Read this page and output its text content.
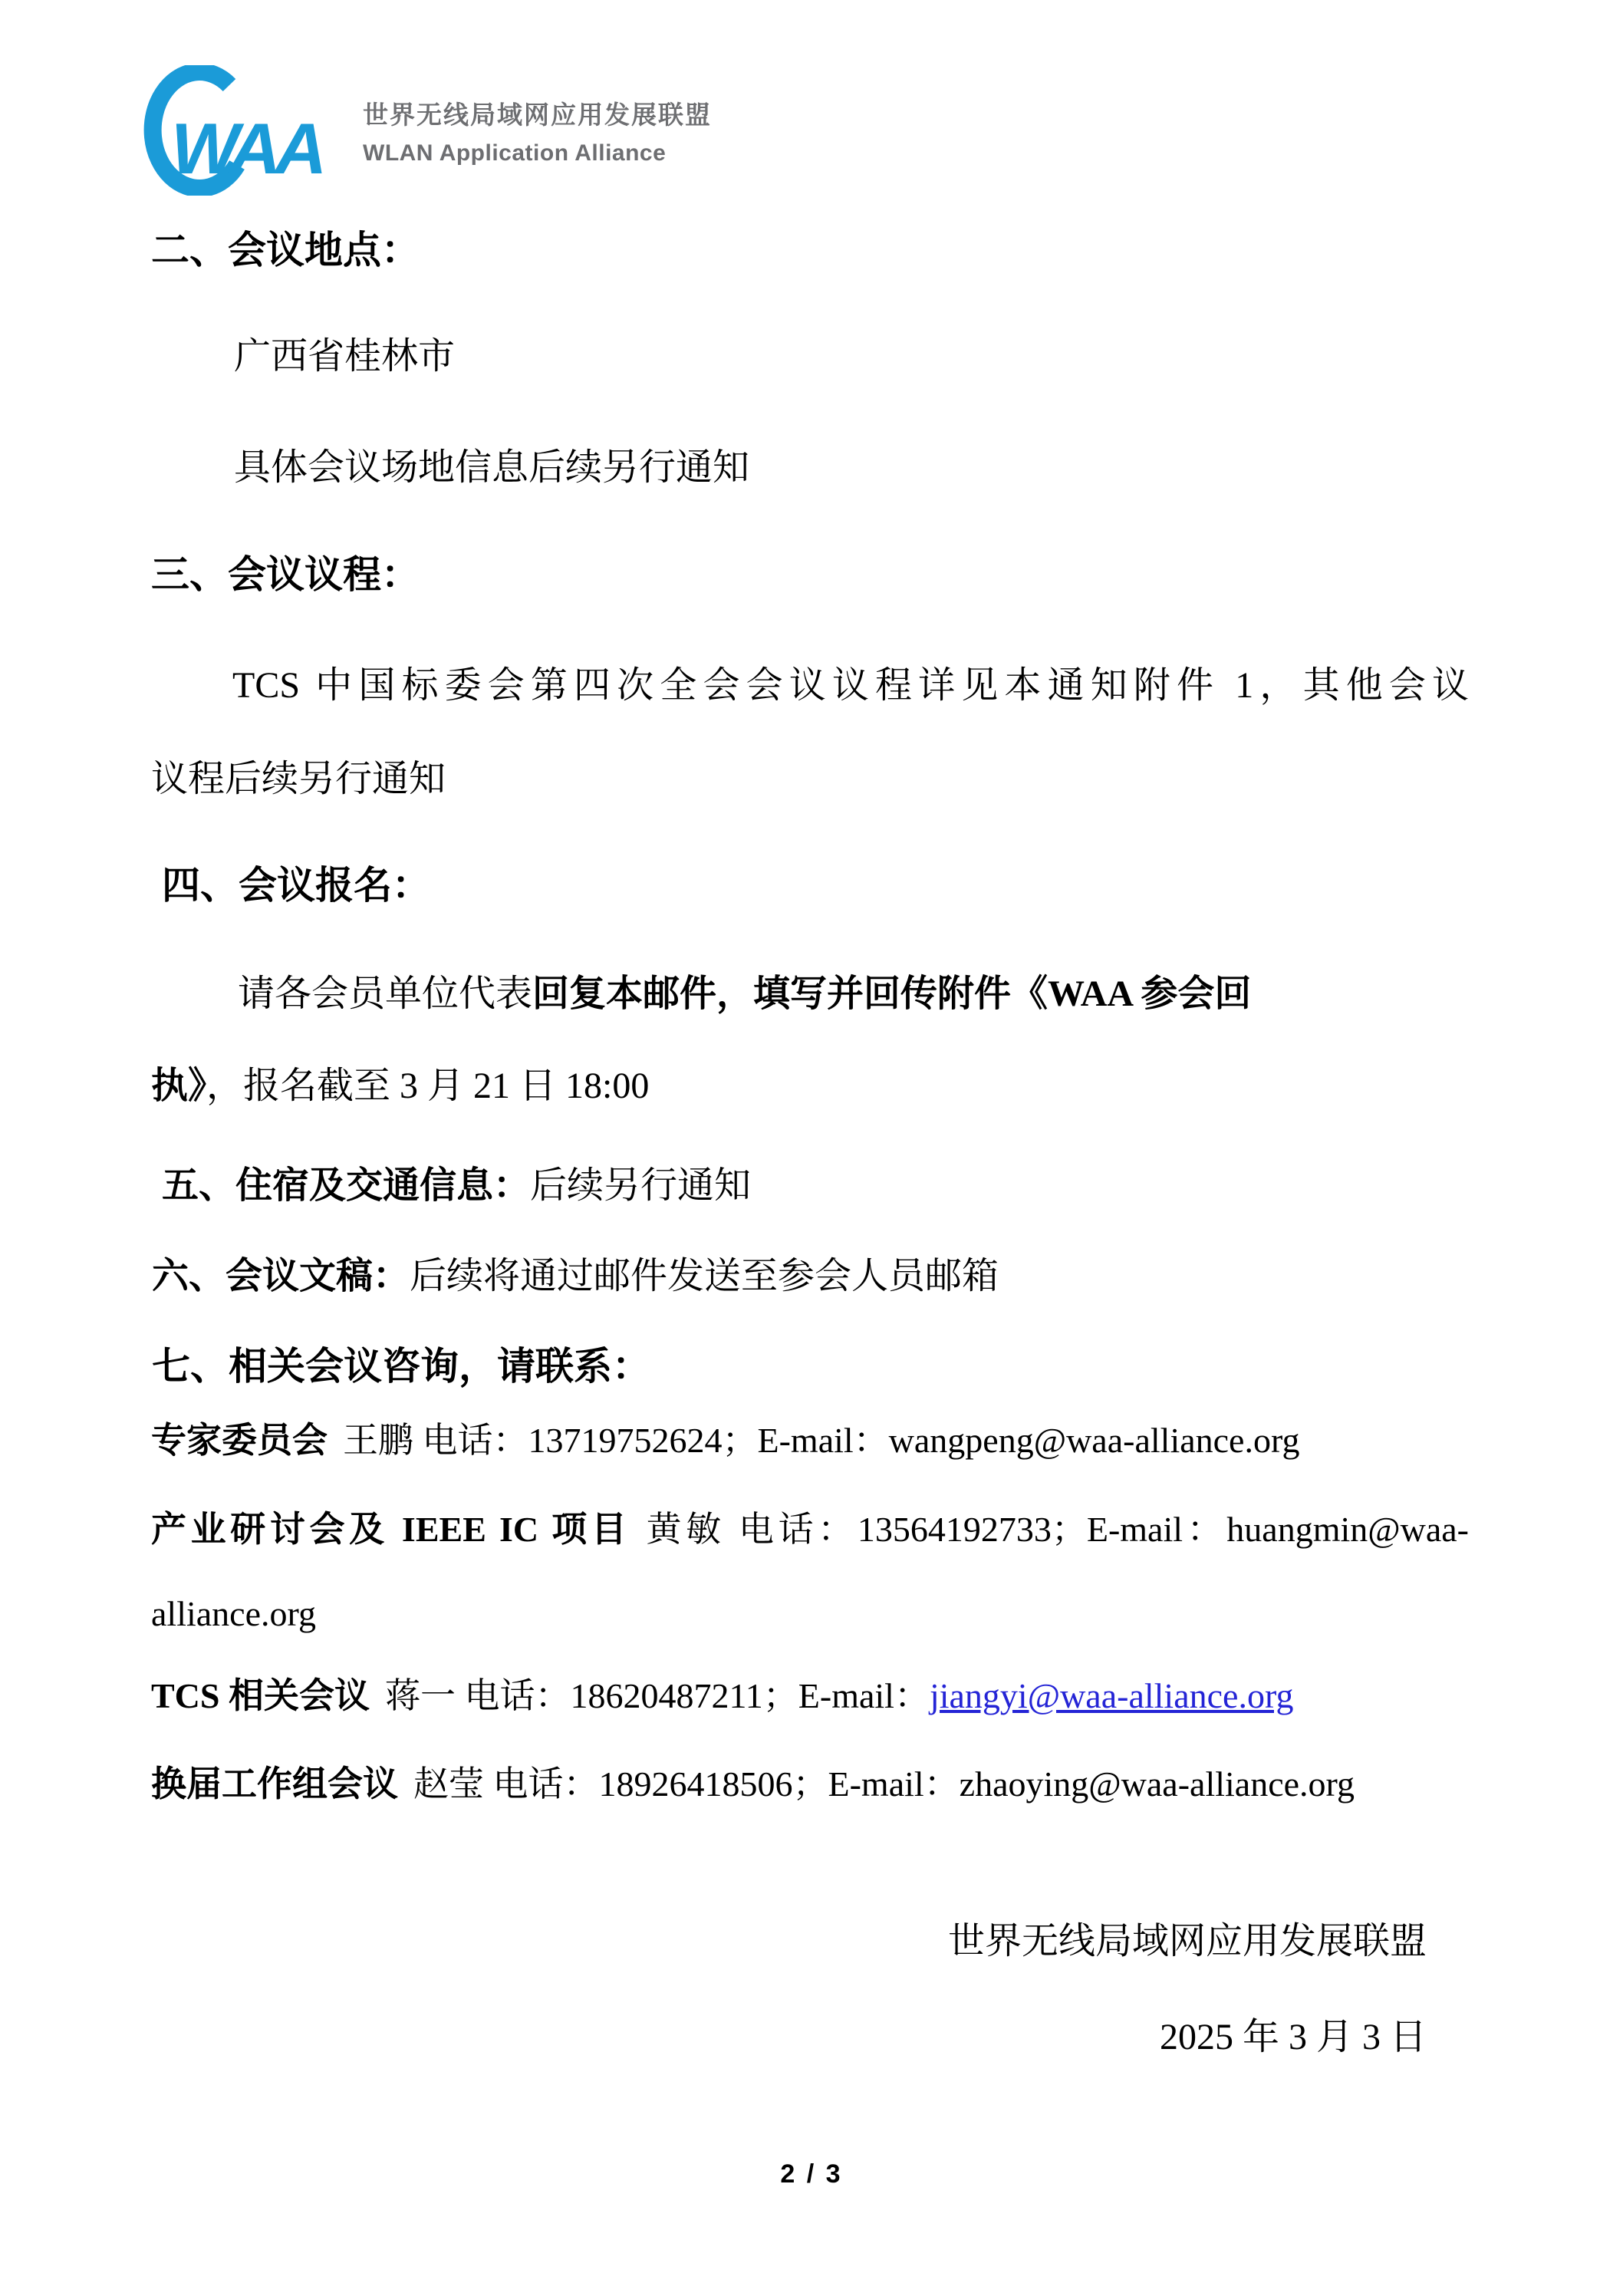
WAA 世界无线局域网应用发展联盟
WLAN Application Alliance
二、会议地点：
广西省桂林市
具体会议场地信息后续另行通知
三、会议议程：
TCS 中国标委会第四次全会会议议程详见本通知附件 1，其他会议
议程后续另行通知
四、会议报名：
请各会员单位代表回复本邮件，填写并回传附件《WAA 参会回
执》，报名截至 3 月 21 日 18:00
五、住宿及交通信息：后续另行通知
六、会议文稿：后续将通过邮件发送至参会人员邮箱
七、相关会议咨询，请联系：
专家委员会 王鹏 电话：13719752624；E-mail：wangpeng@waa-alliance.org
产业研讨会及 IEEE IC 项目 黄敏 电话：13564192733；E-mail：huangmin@waa-
alliance.org
TCS 相关会议 蒋一 电话：18620487211；E-mail：jiangyi@waa-alliance.org
换届工作组会议 赵莹 电话：18926418506；E-mail：zhaoying@waa-alliance.org
世界无线局域网应用发展联盟
2025 年 3 月 3 日
2 / 3
